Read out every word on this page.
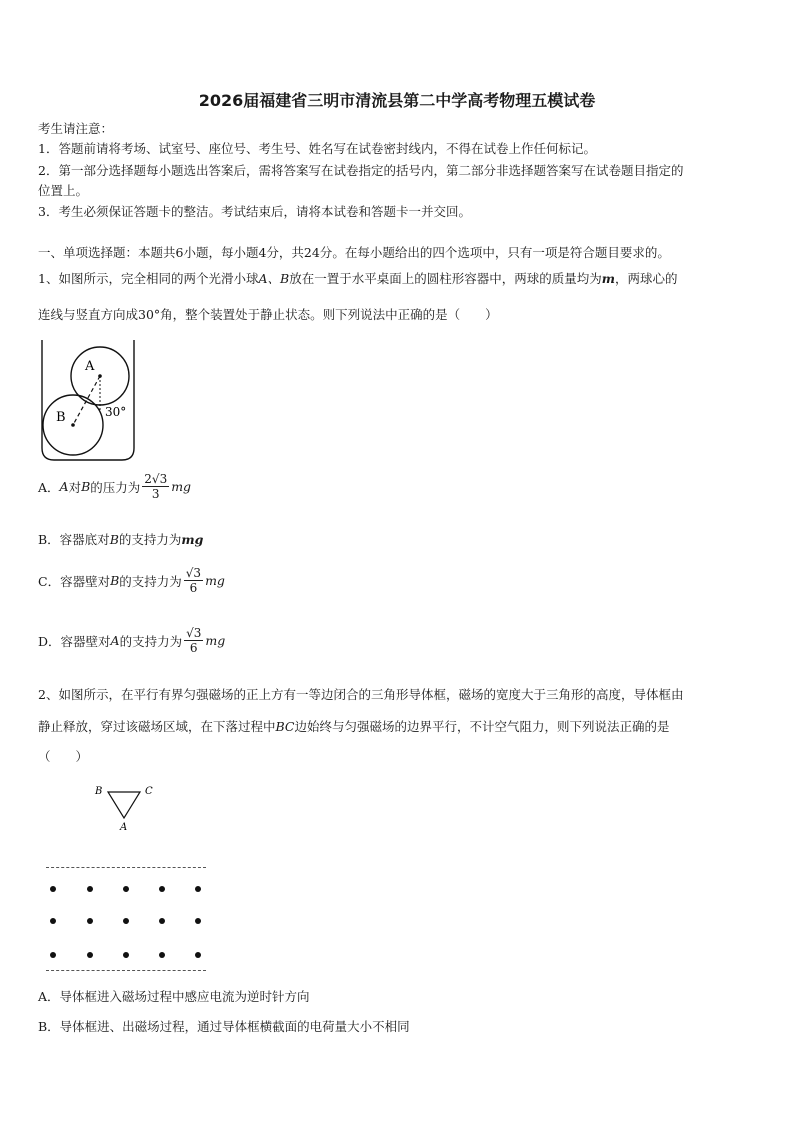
2026届福建省三明市清流县第二中学高考物理五模试卷
考生请注意：
1．答题前请将考场、试室号、座位号、考生号、姓名写在试卷密封线内，不得在试卷上作任何标记。
2．第一部分选择题每小题选出答案后，需将答案写在试卷指定的括号内，第二部分非选择题答案写在试卷题目指定的
位置上。
3．考生必须保证答题卡的整洁。考试结束后，请将本试卷和答题卡一并交回。
一、单项选择题：本题共6小题，每小题4分，共24分。在每小题给出的四个选项中，只有一项是符合题目要求的。
1、如图所示，完全相同的两个光滑小球A、B放在一置于水平桌面上的圆柱形容器中，两球的质量均为m，两球心的
连线与竖直方向成30°角，整个装置处于静止状态。则下列说法中正确的是（　　）
A
B	30°
A． A 对 B 的压力为 $\frac{2√3}{3}$ mg
B．容器底对 B 的支持力为 mg
C．容器壁对 B 的支持力为 $\frac{√3}{6}$ mg
D．容器壁对 A 的支持力为 $\frac{√3}{6}$ mg
2、如图所示，在平行有界匀强磁场的正上方有一等边闭合的三角形导体框，磁场的宽度大于三角形的高度，导体框由
静止释放，穿过该磁场区域，在下落过程中BC边始终与匀强磁场的边界平行，不计空气阻力，则下列说法正确的是
（　　）
B	C
A
A．导体框进入磁场过程中感应电流为逆时针方向
B．导体框进、出磁场过程，通过导体框横截面的电荷量大小不相同
